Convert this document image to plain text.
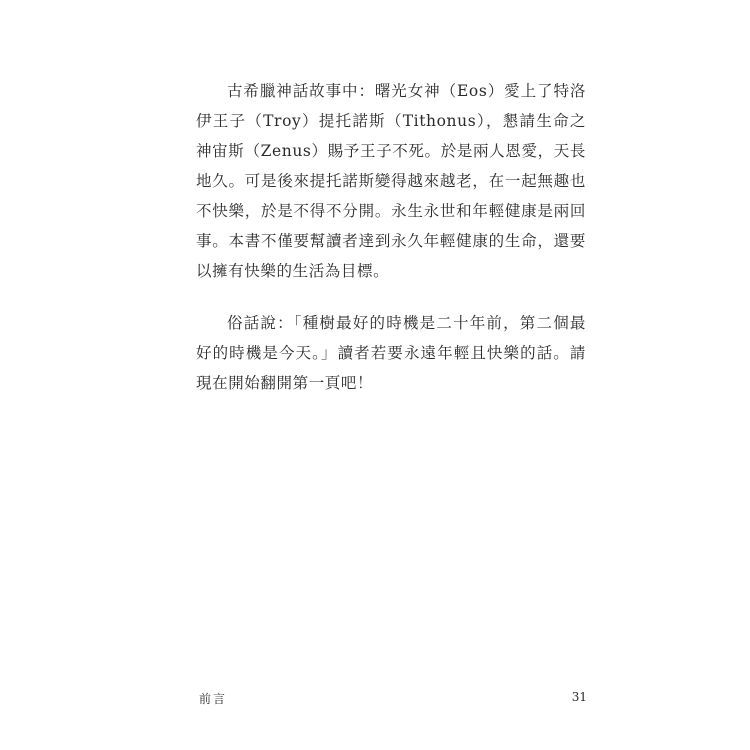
古希臘神話故事中：曙光女神（Eos）愛上了特洛伊王子（Troy）提托諾斯（Tithonus），懇請生命之神宙斯（Zenus）賜予王子不死。於是兩人恩愛，天長地久。可是後來提托諾斯變得越來越老，在一起無趣也不快樂，於是不得不分開。永生永世和年輕健康是兩回事。本書不僅要幫讀者達到永久年輕健康的生命，還要以擁有快樂的生活為目標。

俗話說：「種樹最好的時機是二十年前，第二個最好的時機是今天。」讀者若要永遠年輕且快樂的話。請現在開始翻開第一頁吧！

前言	31
